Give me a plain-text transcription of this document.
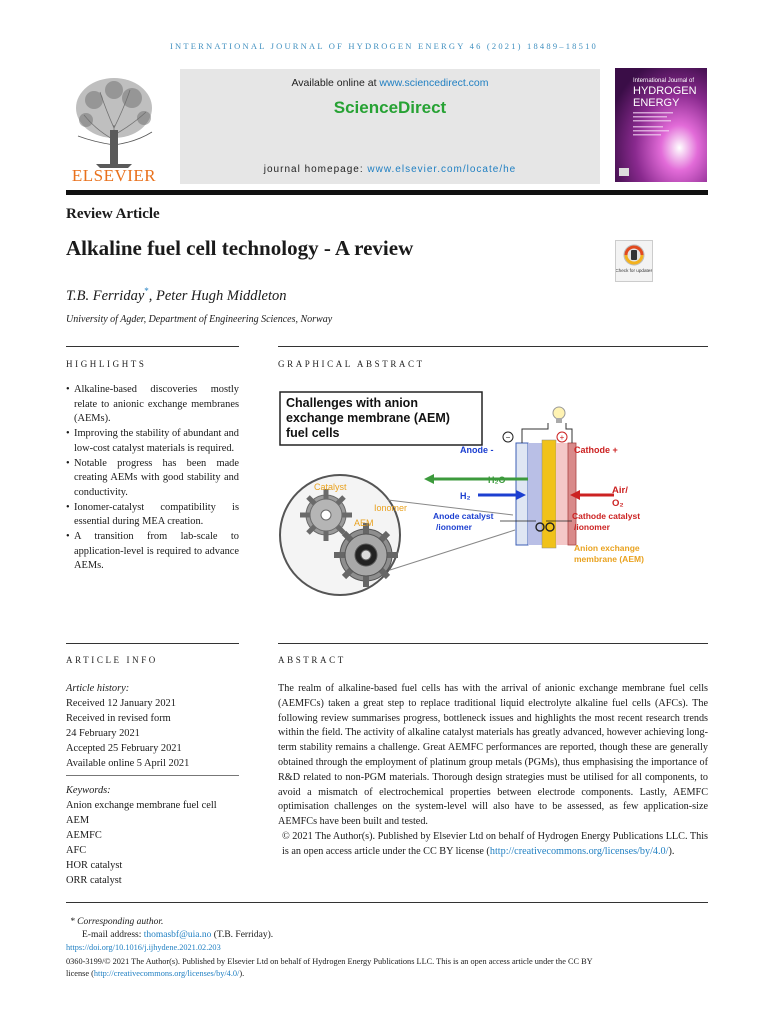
INTERNATIONAL JOURNAL OF HYDROGEN ENERGY 46 (2021) 18489–18510
ELSEVIER
Available online at www.sciencedirect.com
ScienceDirect
journal homepage: www.elsevier.com/locate/he
International Journal of
HYDROGEN
ENERGY
Review Article
Alkaline fuel cell technology - A review
Check for updates
T.B. Ferriday*, Peter Hugh Middleton
University of Agder, Department of Engineering Sciences, Norway
HIGHLIGHTS	GRAPHICAL ABSTRACT
• Alkaline-based discoveries mostly relate to anionic exchange membranes (AEMs).
• Improving the stability of abundant and low-cost catalyst materials is required.
• Notable progress has been made creating AEMs with good stability and conductivity.
• Ionomer-catalyst compatibility is essential during MEA creation.
• A transition from lab-scale to application-level is required to advance AEMs.
Challenges with anion
exchange membrane (AEM)
fuel cells
Catalyst
Ionomer
AEM
−	+
Anode -	Cathode +
H₂O
H₂	Air/
O₂
Anode catalyst
/ionomer
Cathode catalyst
/ionomer
Anion exchange
membrane (AEM)
ARTICLE INFO	ABSTRACT
Article history:
Received 12 January 2021
Received in revised form
24 February 2021
Accepted 25 February 2021
Available online 5 April 2021
Keywords:
Anion exchange membrane fuel cell
AEM
AEMFC
AFC
HOR catalyst
ORR catalyst
The realm of alkaline-based fuel cells has with the arrival of anionic exchange membrane fuel cells (AEMFCs) taken a great step to replace traditional liquid electrolyte alkaline fuel cells (AFCs). The following review summarises progress, bottleneck issues and highlights the most recent research trends within the field. The activity of alkaline catalyst materials has greatly advanced, however achieving long-term stability remains a challenge. Great AEMFC performances are reported, though these are generally obtained through the employment of platinum group metals (PGMs), thus emphasising the importance of R&D related to non-PGM materials. Thorough design strategies must be utilised for all components, to avoid a mismatch of electrochemical properties between electrode components. Lastly, AEMFC optimisation challenges on the system-level will also have to be assessed, as few application-size AEMFCs have been built and tested.
© 2021 The Author(s). Published by Elsevier Ltd on behalf of Hydrogen Energy Publications LLC. This is an open access article under the CC BY license (http://creativecommons.org/licenses/by/4.0/).
* Corresponding author.
E-mail address: thomasbf@uia.no (T.B. Ferriday).
https://doi.org/10.1016/j.ijhydene.2021.02.203
0360-3199/© 2021 The Author(s). Published by Elsevier Ltd on behalf of Hydrogen Energy Publications LLC. This is an open access article under the CC BY
license (http://creativecommons.org/licenses/by/4.0/).
